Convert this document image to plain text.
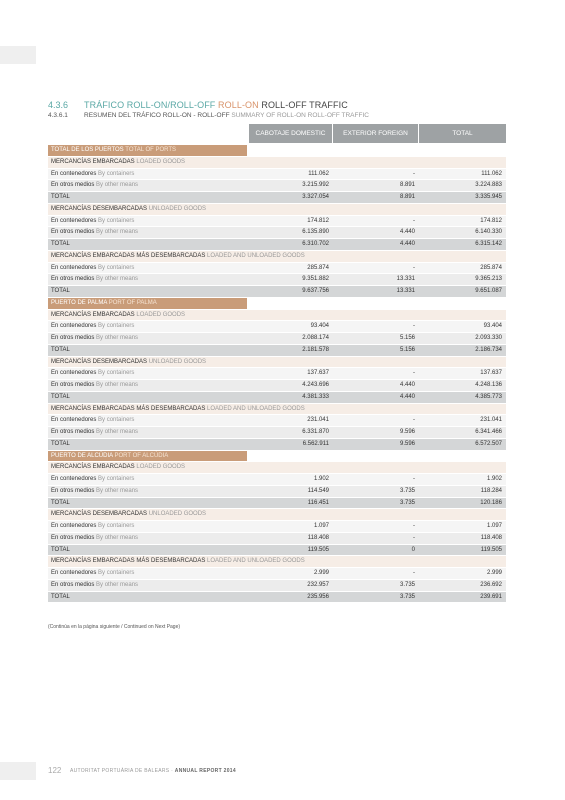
4.3.6 TRÁFICO ROLL-ON/ROLL-OFF ROLL-ON ROLL-OFF TRAFFIC
4.3.6.1 RESUMEN DEL TRÁFICO ROLL-ON - ROLL-OFF SUMMARY OF ROLL-ON ROLL-OFF TRAFFIC
CABOTAJE DOMESTIC	EXTERIOR FOREIGN	TOTAL
TOTAL DE LOS PUERTOS TOTAL OF PORTS
MERCANCÍAS EMBARCADAS LOADED GOODS
En contenedores By containers	111.062	-	111.062
En otros medios By other means	3.215.992	8.891	3.224.883
TOTAL	3.327.054	8.891	3.335.945
MERCANCÍAS DESEMBARCADAS UNLOADED GOODS
En contenedores By containers	174.812	-	174.812
En otros medios By other means	6.135.890	4.440	6.140.330
TOTAL	6.310.702	4.440	6.315.142
MERCANCÍAS EMBARCADAS MÁS DESEMBARCADAS LOADED AND UNLOADED GOODS
En contenedores By containers	285.874	-	285.874
En otros medios By other means	9.351.882	13.331	9.365.213
TOTAL	9.637.756	13.331	9.651.087
PUERTO DE PALMA PORT OF PALMA
MERCANCÍAS EMBARCADAS LOADED GOODS
En contenedores By containers	93.404	-	93.404
En otros medios By other means	2.088.174	5.156	2.093.330
TOTAL	2.181.578	5.156	2.186.734
MERCANCÍAS DESEMBARCADAS UNLOADED GOODS
En contenedores By containers	137.637	-	137.637
En otros medios By other means	4.243.696	4.440	4.248.136
TOTAL	4.381.333	4.440	4.385.773
MERCANCÍAS EMBARCADAS MÁS DESEMBARCADAS LOADED AND UNLOADED GOODS
En contenedores By containers	231.041	-	231.041
En otros medios By other means	6.331.870	9.596	6.341.466
TOTAL	6.562.911	9.596	6.572.507
PUERTO DE ALCÚDIA PORT OF ALCÚDIA
MERCANCÍAS EMBARCADAS LOADED GOODS
En contenedores By containers	1.902	-	1.902
En otros medios By other means	114.549	3.735	118.284
TOTAL	116.451	3.735	120.186
MERCANCÍAS DESEMBARCADAS UNLOADED GOODS
En contenedores By containers	1.097	-	1.097
En otros medios By other means	118.408	-	118.408
TOTAL	119.505	0	119.505
MERCANCÍAS EMBARCADAS MÁS DESEMBARCADAS LOADED AND UNLOADED GOODS
En contenedores By containers	2.999	-	2.999
En otros medios By other means	232.957	3.735	236.692
TOTAL	235.956	3.735	239.691
(Continúa en la página siguiente / Continued on Next Page)
122 AUTORITAT PORTUÀRIA DE BALEARS · ANNUAL REPORT 2014
